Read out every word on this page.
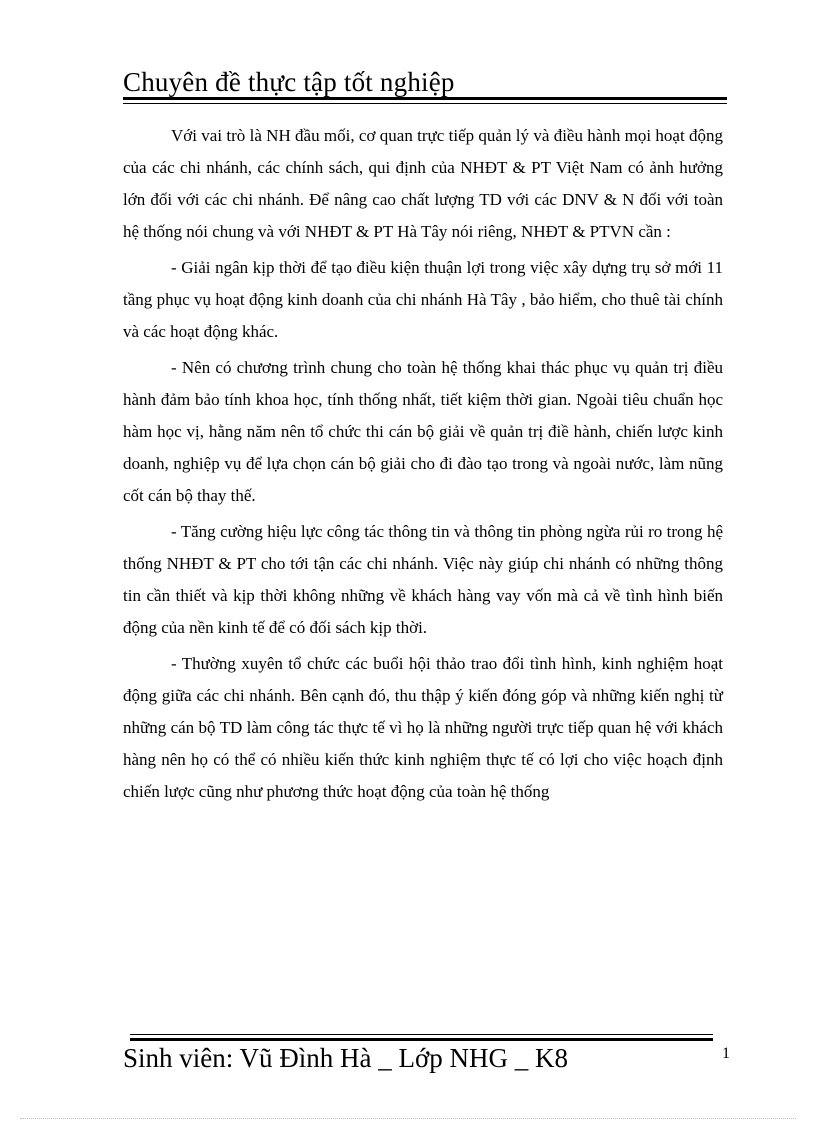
Chuyên đề thực tập tốt nghiệp

Với vai trò là NH đầu mối, cơ quan trực tiếp quản lý và điều hành mọi hoạt động của các chi nhánh, các chính sách, qui định của NHĐT & PT Việt Nam có ảnh hưởng lớn đối với các chi nhánh. Để nâng cao chất lượng TD với các DNV & N đối với toàn hệ thống nói chung và với NHĐT & PT Hà Tây nói riêng, NHĐT & PTVN cần :

- Giải ngân kịp thời để tạo điều kiện thuận lợi trong việc xây dựng trụ sở mới 11 tầng phục vụ hoạt động kinh doanh của chi nhánh Hà Tây , bảo hiểm, cho thuê tài chính và các hoạt động khác.

- Nên có chương trình chung cho toàn hệ thống khai thác phục vụ quản trị điều hành đảm bảo tính khoa học, tính thống nhất, tiết kiệm thời gian. Ngoài tiêu chuẩn học hàm học vị, hằng năm nên tổ chức thi cán bộ giải về quản trị điề hành, chiến lược kinh doanh, nghiệp vụ để lựa chọn cán bộ giải cho đi đào tạo trong và ngoài nước, làm nũng cốt cán bộ thay thế.

- Tăng cường hiệu lực công tác thông tin và thông tin phòng ngừa rủi ro trong hệ thống NHĐT & PT cho tới tận các chi nhánh. Việc này giúp chi nhánh có những thông tin cần thiết và kịp thời không những về khách hàng vay vốn mà cả về tình hình biến động của nền kinh tế để có đối sách kịp thời.

- Thường xuyên tổ chức các buổi hội thảo trao đổi tình hình, kinh nghiệm hoạt động giữa các chi nhánh. Bên cạnh đó, thu thập ý kiến đóng góp và những kiến nghị từ những cán bộ TD làm công tác thực tế vì họ là những người trực tiếp quan hệ với khách hàng nên họ có thể có nhiều kiến thức kinh nghiệm thực tế có lợi cho việc hoạch định chiến lược cũng như phương thức hoạt động của toàn hệ thống

Sinh viên: Vũ Đình Hà _ Lớp NHG _ K8	1
